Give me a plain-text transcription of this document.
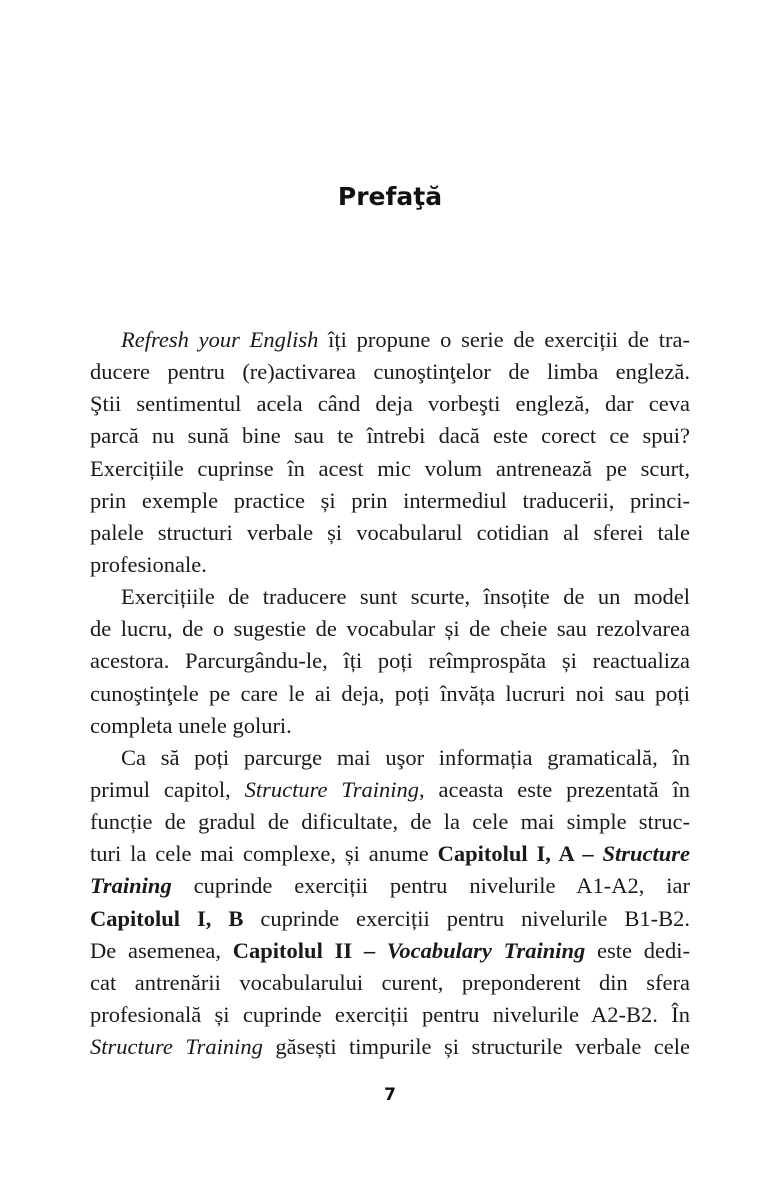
Prefaţă
Refresh your English îți propune o serie de exerciții de tra-
ducere pentru (re)activarea cunoştinţelor de limba engleză.
Ştii sentimentul acela când deja vorbeşti engleză, dar ceva
parcă nu sună bine sau te întrebi dacă este corect ce spui?
Exercițiile cuprinse în acest mic volum antrenează pe scurt,
prin exemple practice și prin intermediul traducerii, princi-
palele structuri verbale și vocabularul cotidian al sferei tale
profesionale.
Exercițiile de traducere sunt scurte, însoțite de un model
de lucru, de o sugestie de vocabular și de cheie sau rezolvarea
acestora. Parcurgându-le, îți poți reîmprospăta și reactualiza
cunoştinţele pe care le ai deja, poți învăța lucruri noi sau poți
completa unele goluri.
Ca să poți parcurge mai uşor informația gramaticală, în
primul capitol, Structure Training, aceasta este prezentată în
funcție de gradul de dificultate, de la cele mai simple struc-
turi la cele mai complexe, și anume Capitolul I, A – Structure
Training cuprinde exerciții pentru nivelurile A1-A2, iar
Capitolul I, B cuprinde exerciții pentru nivelurile B1-B2.
De asemenea, Capitolul II – Vocabulary Training este dedi-
cat antrenării vocabularului curent, preponderent din sfera
profesională și cuprinde exerciții pentru nivelurile A2-B2. În
Structure Training găsești timpurile și structurile verbale cele
7
